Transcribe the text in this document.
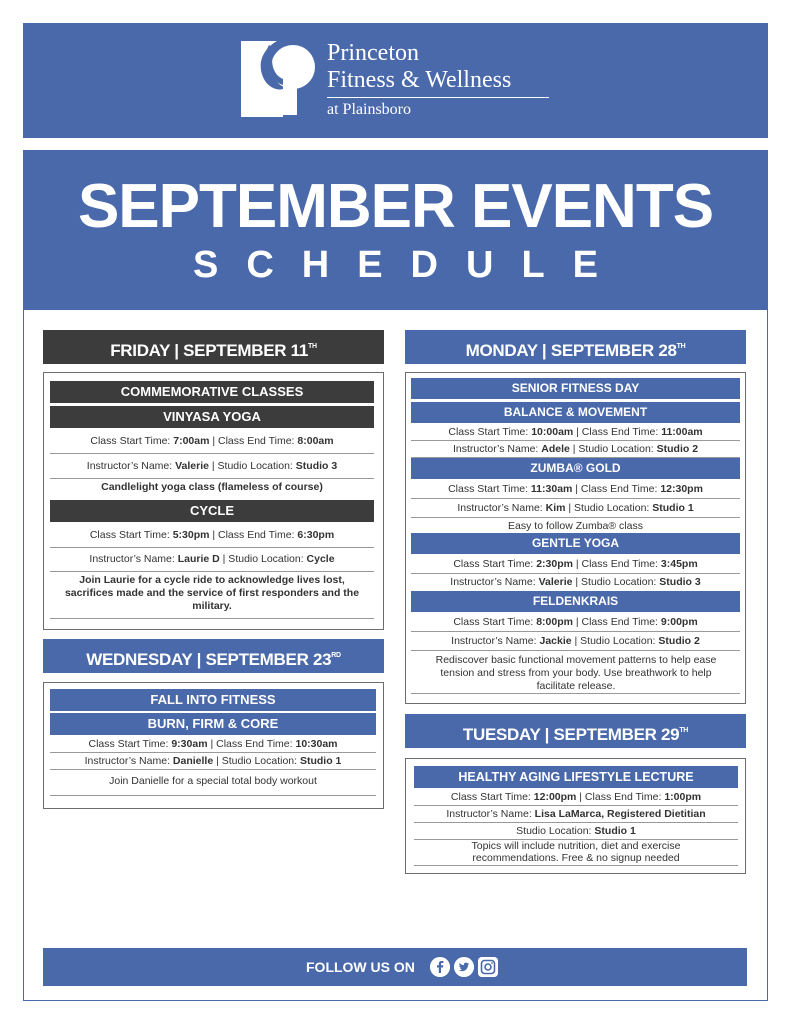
Princeton
Fitness & Wellness
at Plainsboro
SEPTEMBER EVENTS
SCHEDULE
FRIDAY | SEPTEMBER 11TH
COMMEMORATIVE CLASSES
VINYASA YOGA
Class Start Time: 7:00am | Class End Time: 8:00am
Instructor’s Name: Valerie | Studio Location: Studio 3
Candlelight yoga class (flameless of course)
CYCLE
Class Start Time: 5:30pm | Class End Time: 6:30pm
Instructor’s Name: Laurie D | Studio Location: Cycle
Join Laurie for a cycle ride to acknowledge lives lost, sacrifices made and the service of first responders and the military.
WEDNESDAY | SEPTEMBER 23RD
FALL INTO FITNESS
BURN, FIRM & CORE
Class Start Time: 9:30am | Class End Time: 10:30am
Instructor’s Name: Danielle | Studio Location: Studio 1
Join Danielle for a special total body workout
MONDAY | SEPTEMBER 28TH
SENIOR FITNESS DAY
BALANCE & MOVEMENT
Class Start Time: 10:00am | Class End Time: 11:00am
Instructor’s Name: Adele | Studio Location: Studio 2
ZUMBA® GOLD
Class Start Time: 11:30am | Class End Time: 12:30pm
Instructor’s Name: Kim | Studio Location: Studio 1
Easy to follow Zumba® class
GENTLE YOGA
Class Start Time: 2:30pm | Class End Time: 3:45pm
Instructor’s Name: Valerie | Studio Location: Studio 3
FELDENKRAIS
Class Start Time: 8:00pm | Class End Time: 9:00pm
Instructor’s Name: Jackie | Studio Location: Studio 2
Rediscover basic functional movement patterns to help ease tension and stress from your body. Use breathwork to help facilitate release.
TUESDAY | SEPTEMBER 29TH
HEALTHY AGING LIFESTYLE LECTURE
Class Start Time: 12:00pm | Class End Time: 1:00pm
Instructor’s Name: Lisa LaMarca, Registered Dietitian
Studio Location: Studio 1
Topics will include nutrition, diet and exercise recommendations. Free & no signup needed
FOLLOW US ON
